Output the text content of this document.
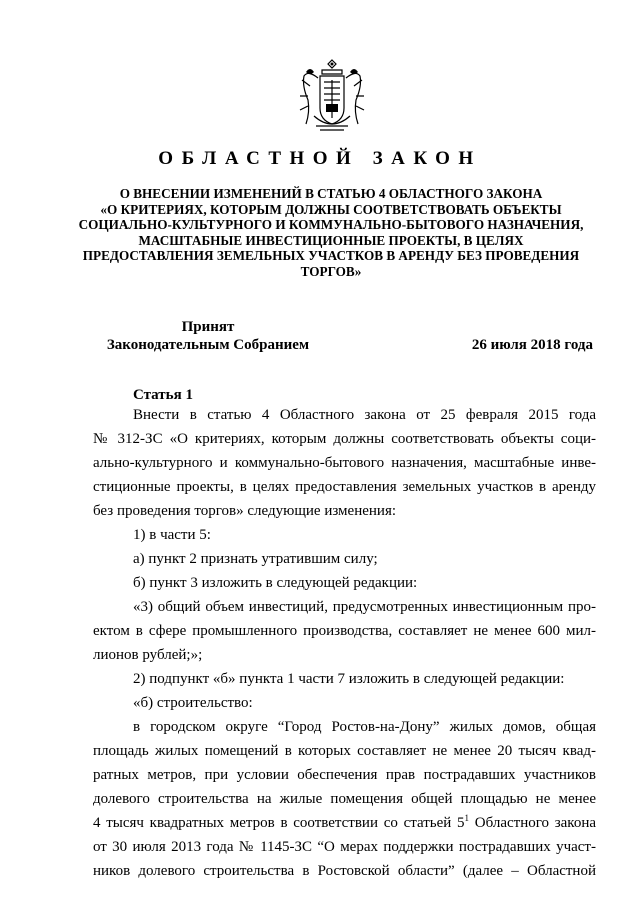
ОБЛАСТНОЙ ЗАКОН
О ВНЕСЕНИИ ИЗМЕНЕНИЙ В СТАТЬЮ 4 ОБЛАСТНОГО ЗАКОНА
«О КРИТЕРИЯХ, КОТОРЫМ ДОЛЖНЫ СООТВЕТСТВОВАТЬ ОБЪЕКТЫ
СОЦИАЛЬНО-КУЛЬТУРНОГО И КОММУНАЛЬНО-БЫТОВОГО НАЗНАЧЕНИЯ,
МАСШТАБНЫЕ ИНВЕСТИЦИОННЫЕ ПРОЕКТЫ, В ЦЕЛЯХ
ПРЕДОСТАВЛЕНИЯ ЗЕМЕЛЬНЫХ УЧАСТКОВ В АРЕНДУ БЕЗ ПРОВЕДЕНИЯ
ТОРГОВ»
Принят
Законодательным Собранием	26 июля 2018 года
Статья 1
Внести в статью 4 Областного закона от 25 февраля 2015 года
№ 312-ЗС «О критериях, которым должны соответствовать объекты соци-
ально-культурного и коммунально-бытового назначения, масштабные инве-
стиционные проекты, в целях предоставления земельных участков в аренду
без проведения торгов» следующие изменения:
1) в части 5:
а) пункт 2 признать утратившим силу;
б) пункт 3 изложить в следующей редакции:
«3) общий объем инвестиций, предусмотренных инвестиционным про-
ектом в сфере промышленного производства, составляет не менее 600 мил-
лионов рублей;»;
2) подпункт «б» пункта 1 части 7 изложить в следующей редакции:
«б) строительство:
в городском округе “Город Ростов-на-Дону” жилых домов, общая
площадь жилых помещений в которых составляет не менее 20 тысяч квад-
ратных метров, при условии обеспечения прав пострадавших участников
долевого строительства на жилые помещения общей площадью не менее
4 тысяч квадратных метров в соответствии со статьей $5^1$ Областного закона
от 30 июля 2013 года № 1145-ЗС “О мерах поддержки пострадавших участ-
ников долевого строительства в Ростовской области” (далее – Областной
